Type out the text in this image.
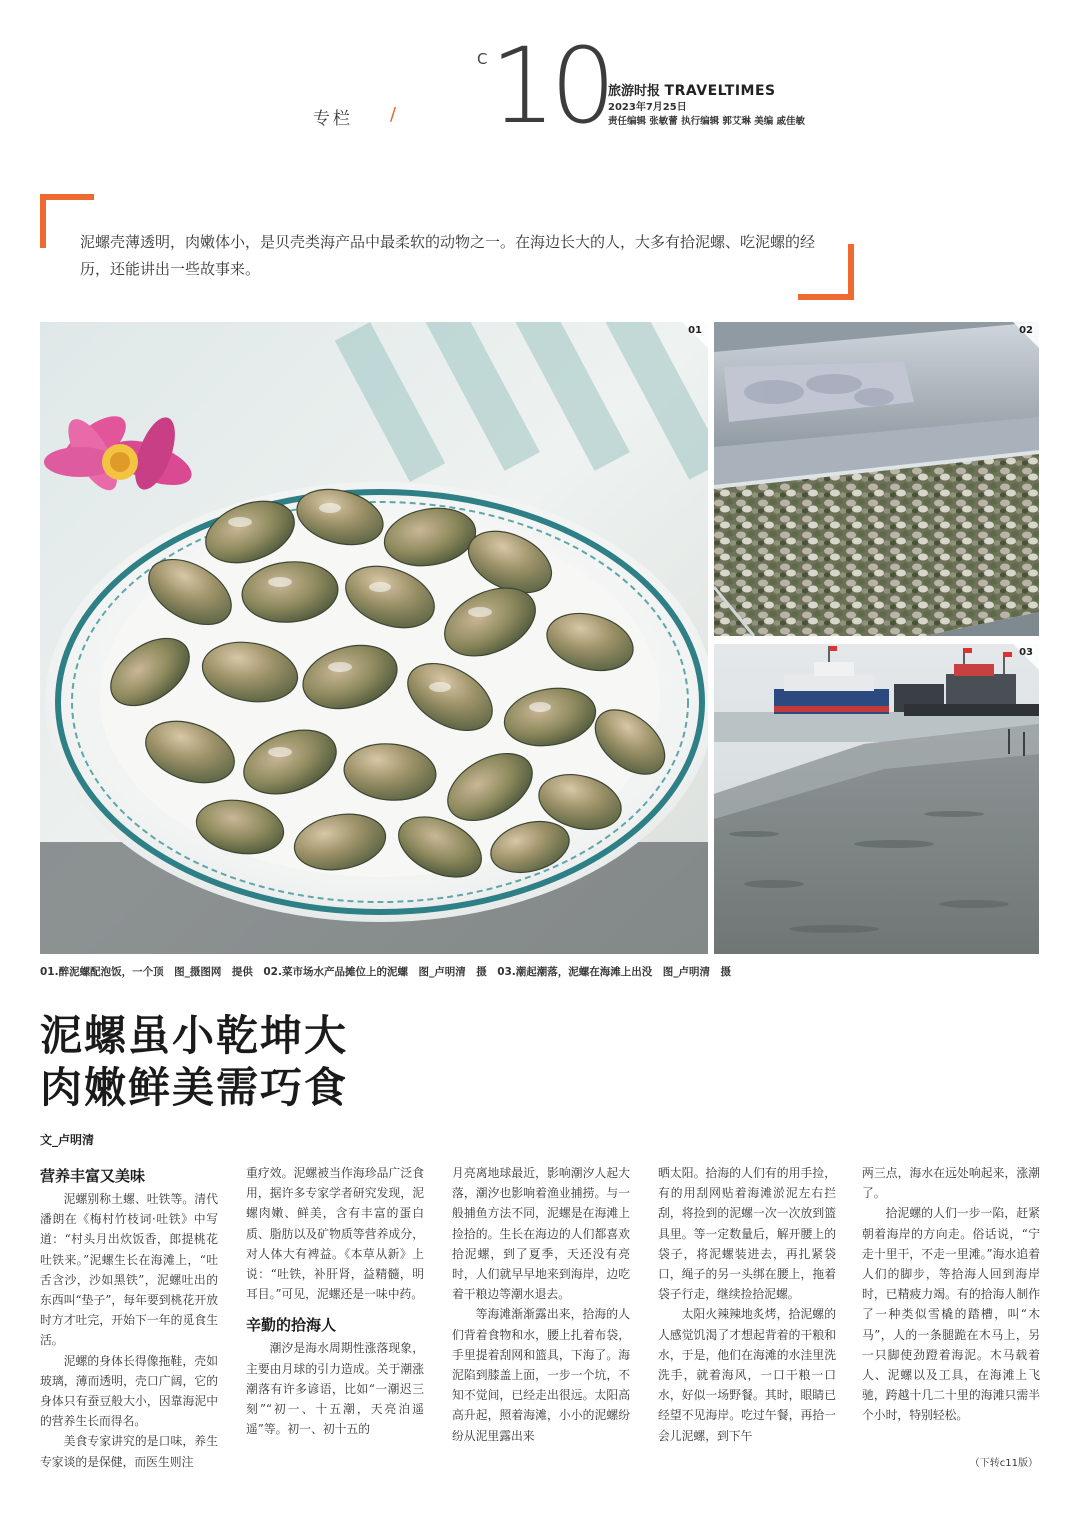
专栏 /
C 10
旅游时报 TRAVELTIMES
2023年7月25日
责任编辑 张敏蕾 执行编辑 郭艾琳 美编 戚佳敏
泥螺壳薄透明，肉嫩体小，是贝壳类海产品中最柔软的动物之一。在海边长大的人，大多有拾泥螺、吃泥螺的经历，还能讲出一些故事来。
01	02
03
01.醉泥螺配泡饭，一个顶　图_摄图网　提供　02.菜市场水产品摊位上的泥螺　图_卢明清　摄　03.潮起潮落，泥螺在海滩上出没　图_卢明清　摄
泥螺虽小乾坤大
肉嫩鲜美需巧食
文_卢明清
营养丰富又美味

泥螺别称土螺、吐铁等。清代潘朗在《梅村竹枝词·吐铁》中写道：“村头月出炊饭香，郎提桃花吐铁来。”泥螺生长在海滩上，“吐舌含沙，沙如黑铁”，泥螺吐出的东西叫“垫子”，每年要到桃花开放时方才吐完，开始下一年的觅食生活。

泥螺的身体长得像拖鞋，壳如玻璃，薄而透明，壳口广阔，它的身体只有蚕豆般大小，因靠海泥中的营养生长而得名。

美食专家讲究的是口味，养生专家谈的是保健，而医生则注

重疗效。泥螺被当作海珍品广泛食用，据许多专家学者研究发现，泥螺肉嫩、鲜美，含有丰富的蛋白质、脂肪以及矿物质等营养成分，对人体大有裨益。《本草从新》上说：“吐铁，补肝肾，益精髓，明耳目。”可见，泥螺还是一味中药。

辛勤的拾海人

潮汐是海水周期性涨落现象，主要由月球的引力造成。关于潮涨潮落有许多谚语，比如“一潮迟三刻”“初一、十五潮，天亮泊遥遥”等。初一、初十五的

月亮离地球最近，影响潮汐人起大落，潮汐也影响着渔业捕捞。与一般捕鱼方法不同，泥螺是在海滩上捡拾的。生长在海边的人们都喜欢拾泥螺，到了夏季，天还没有亮时，人们就早早地来到海岸，边吃着干粮边等潮水退去。

等海滩渐渐露出来，拾海的人们背着食物和水，腰上扎着布袋，手里提着刮网和篮具，下海了。海泥陷到膝盖上面，一步一个坑，不知不觉间，已经走出很远。太阳高高升起，照着海滩，小小的泥螺纷纷从泥里露出来

晒太阳。拾海的人们有的用手捡，有的用刮网贴着海滩淤泥左右拦刮，将捡到的泥螺一次一次放到篮具里。等一定数量后，解开腰上的袋子，将泥螺装进去，再扎紧袋口，绳子的另一头绑在腰上，拖着袋子行走，继续捡拾泥螺。

太阳火辣辣地炙烤，拾泥螺的人感觉饥渴了才想起背着的干粮和水，于是，他们在海滩的水洼里洗洗手，就着海风，一口干粮一口水，好似一场野餐。其时，眼睛已经望不见海岸。吃过午餐，再拾一会儿泥螺，到下午

两三点，海水在远处响起来，涨潮了。

拾泥螺的人们一步一陷，赶紧朝着海岸的方向走。俗话说，“宁走十里干，不走一里滩。”海水追着人们的脚步，等拾海人回到海岸时，已精疲力竭。有的拾海人制作了一种类似雪橇的踏槽，叫“木马”，人的一条腿跪在木马上，另一只脚使劲蹬着海泥。木马载着人、泥螺以及工具，在海滩上飞驰，跨越十几二十里的海滩只需半个小时，特别轻松。

（下转c11版）
